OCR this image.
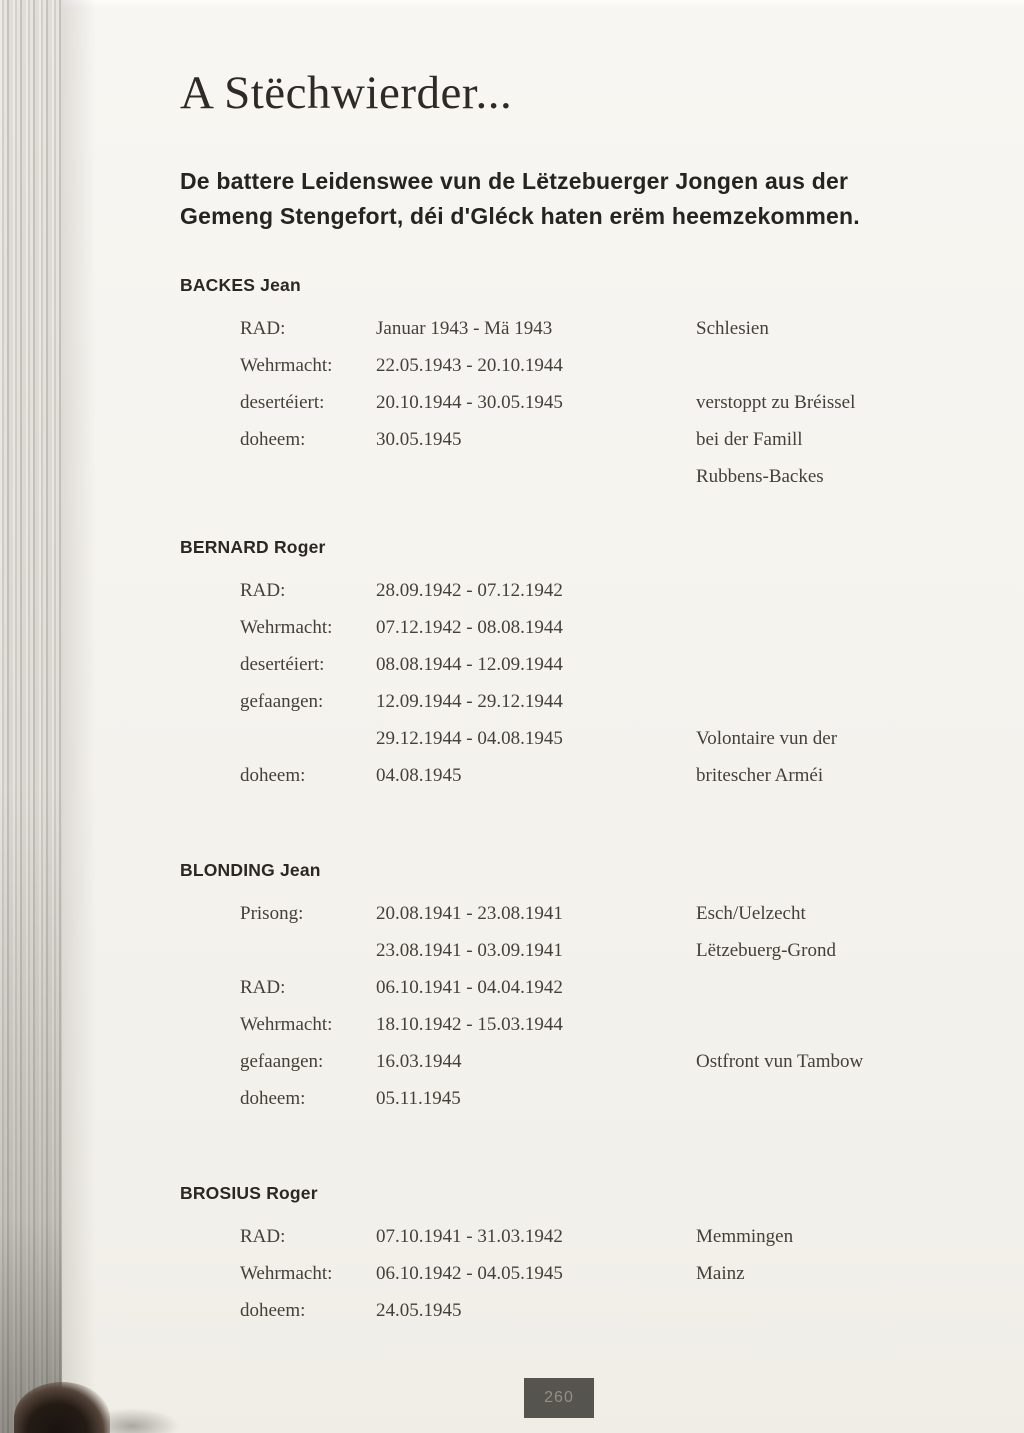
A Stëchwierder...
De battere Leidenswee vun de Lëtzebuerger Jongen aus der Gemeng Stengefort, déi d'Gléck haten erëm heemzekommen.
BACKES Jean
RAD:	Januar 1943 - Mä 1943	Schlesien
Wehrmacht:	22.05.1943 - 20.10.1944
desertéiert:	20.10.1944 - 30.05.1945	verstoppt zu Bréissel
doheem:	30.05.1945	bei der Famill
Rubbens-Backes
BERNARD Roger
RAD:	28.09.1942 - 07.12.1942
Wehrmacht:	07.12.1942 - 08.08.1944
desertéiert:	08.08.1944 - 12.09.1944
gefaangen:	12.09.1944 - 29.12.1944
29.12.1944 - 04.08.1945	Volontaire vun der
doheem:	04.08.1945	britescher Arméi
BLONDING Jean
Prisong:	20.08.1941 - 23.08.1941	Esch/Uelzecht
23.08.1941 - 03.09.1941	Lëtzebuerg-Grond
RAD:	06.10.1941 - 04.04.1942
Wehrmacht:	18.10.1942 - 15.03.1944
gefaangen:	16.03.1944	Ostfront vun Tambow
doheem:	05.11.1945
BROSIUS Roger
RAD:	07.10.1941 - 31.03.1942	Memmingen
Wehrmacht:	06.10.1942 - 04.05.1945	Mainz
doheem:	24.05.1945
260
